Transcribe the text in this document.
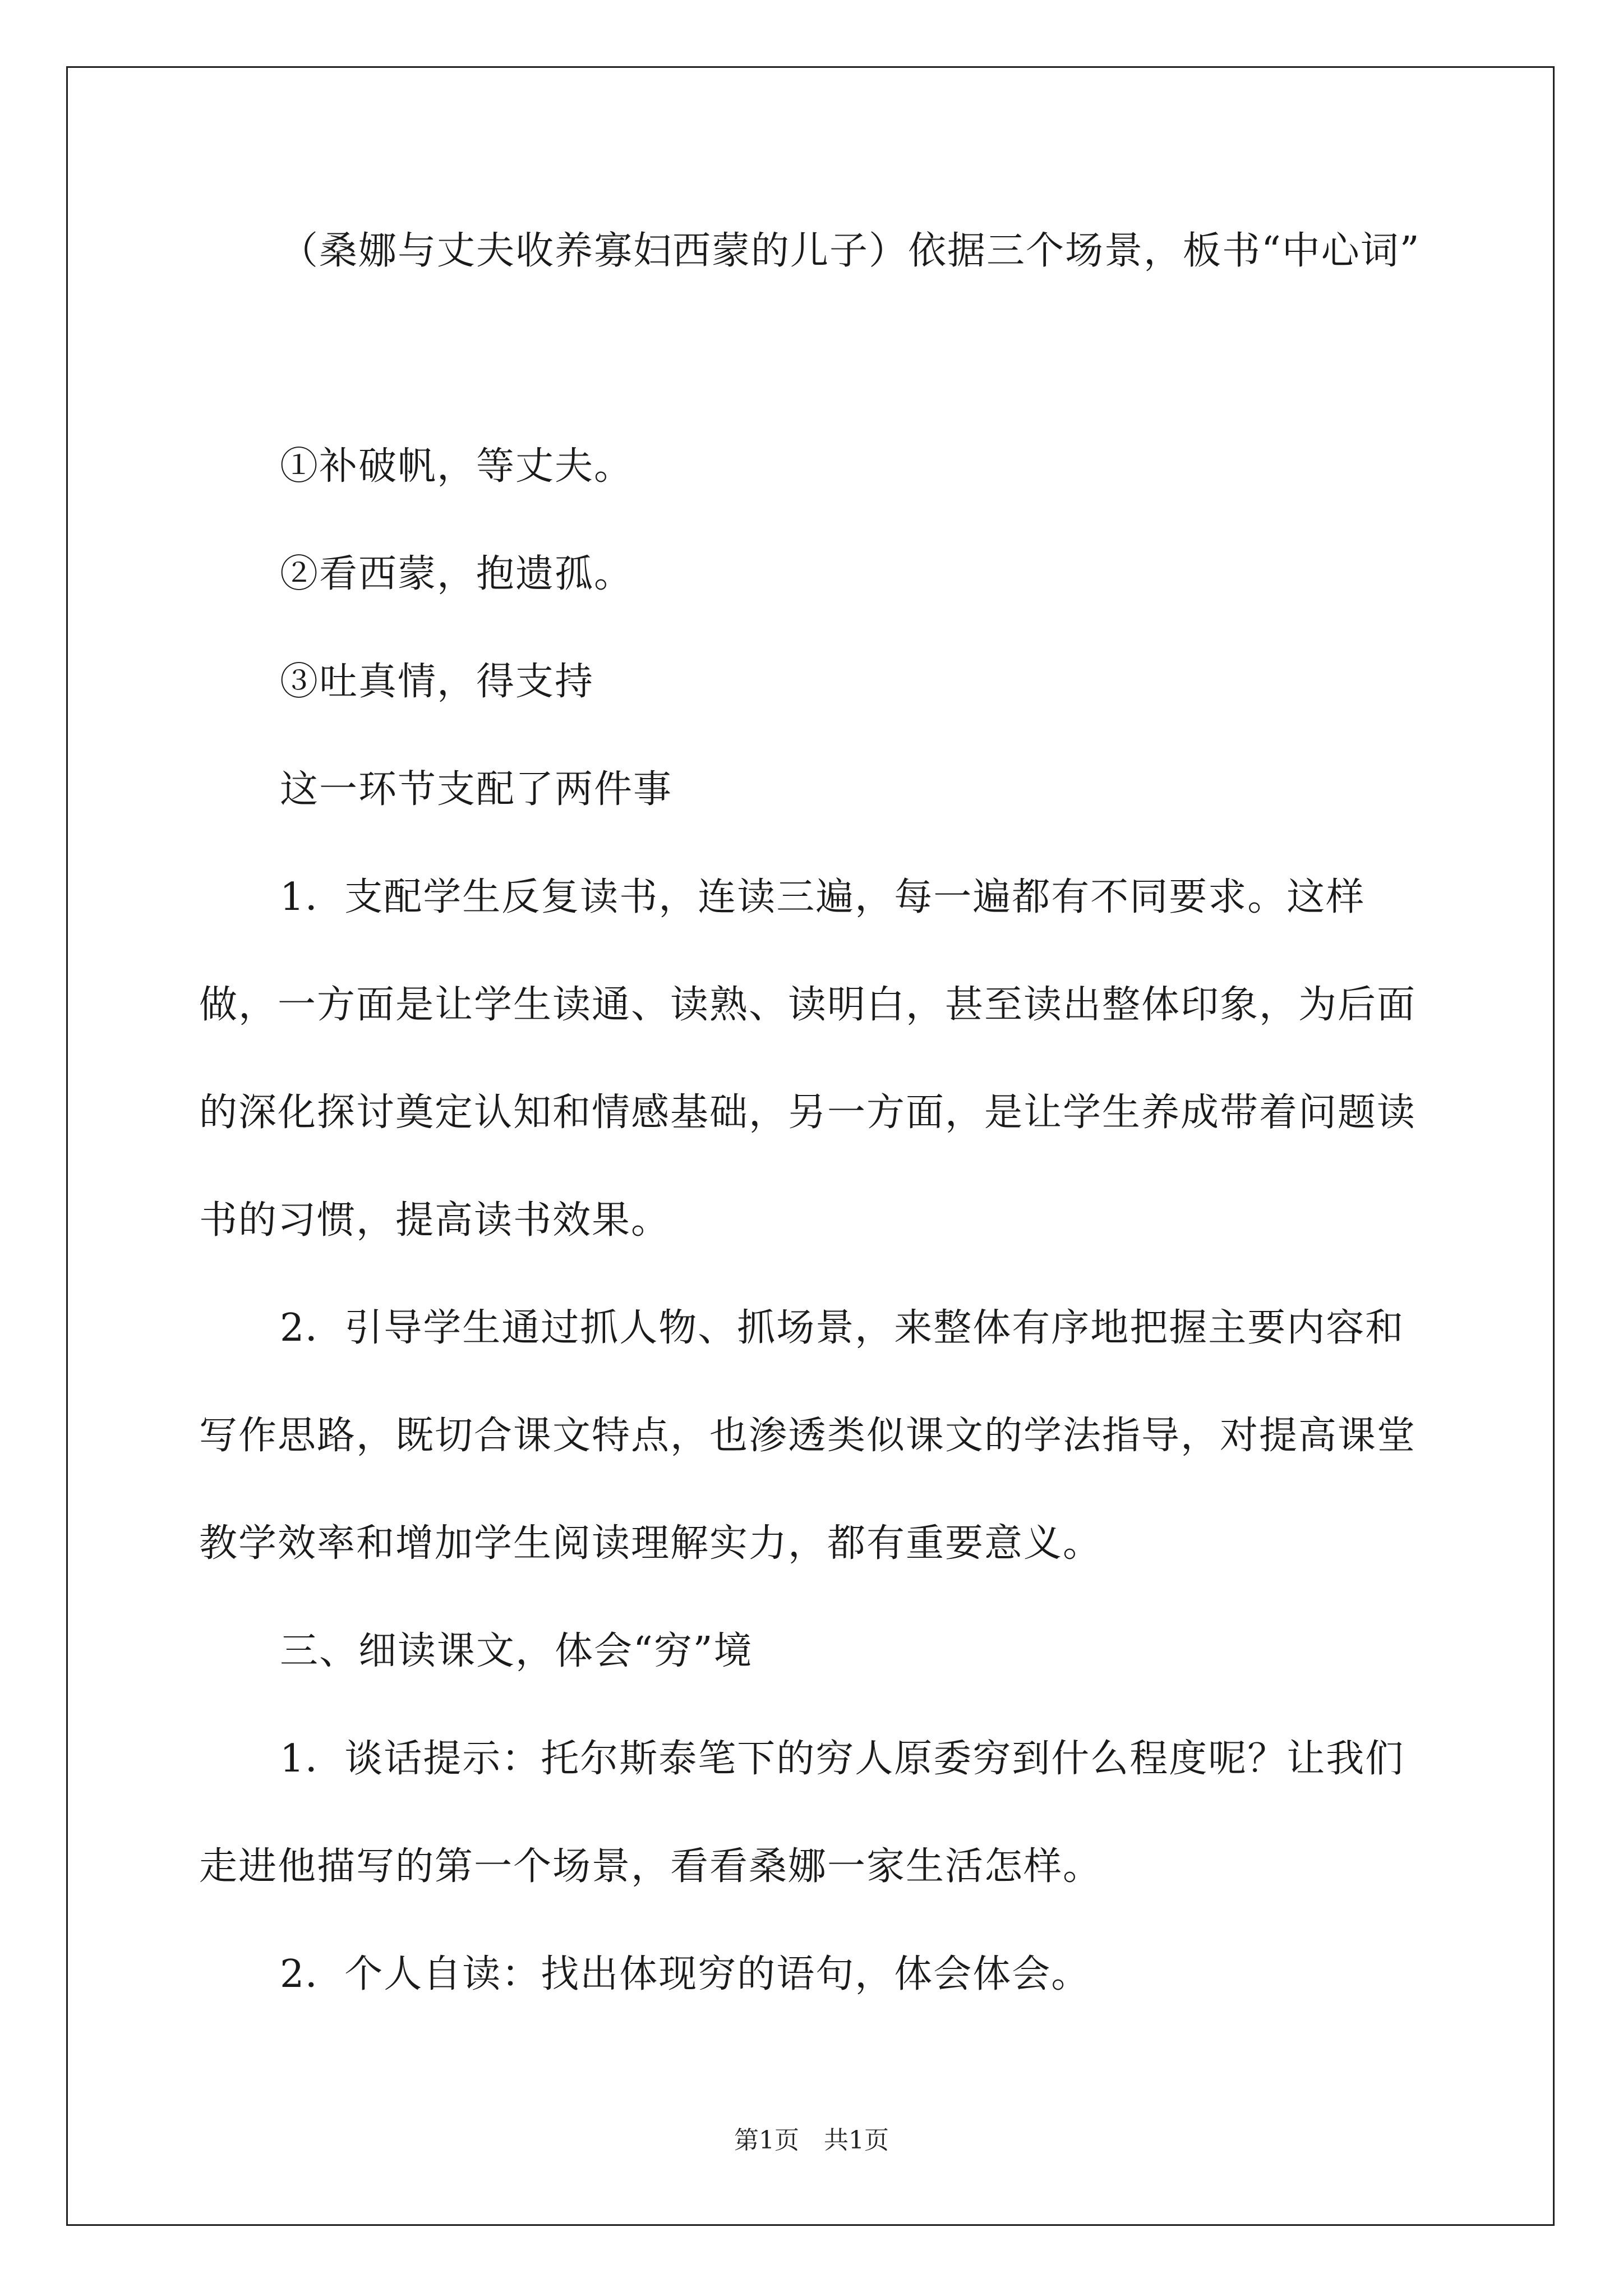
（桑娜与丈夫收养寡妇西蒙的儿子）依据三个场景，板书“中心词”

①补破帆，等丈夫。

②看西蒙，抱遗孤。

③吐真情，得支持

这一环节支配了两件事

1．支配学生反复读书，连读三遍，每一遍都有不同要求。这样做，一方面是让学生读通、读熟、读明白，甚至读出整体印象，为后面的深化探讨奠定认知和情感基础，另一方面，是让学生养成带着问题读书的习惯，提高读书效果。

2．引导学生通过抓人物、抓场景，来整体有序地把握主要内容和写作思路，既切合课文特点，也渗透类似课文的学法指导，对提高课堂教学效率和增加学生阅读理解实力，都有重要意义。

三、细读课文，体会“穷”境

1．谈话提示：托尔斯泰笔下的穷人原委穷到什么程度呢？让我们走进他描写的第一个场景，看看桑娜一家生活怎样。

2．个人自读：找出体现穷的语句，体会体会。

第1页 共1页
